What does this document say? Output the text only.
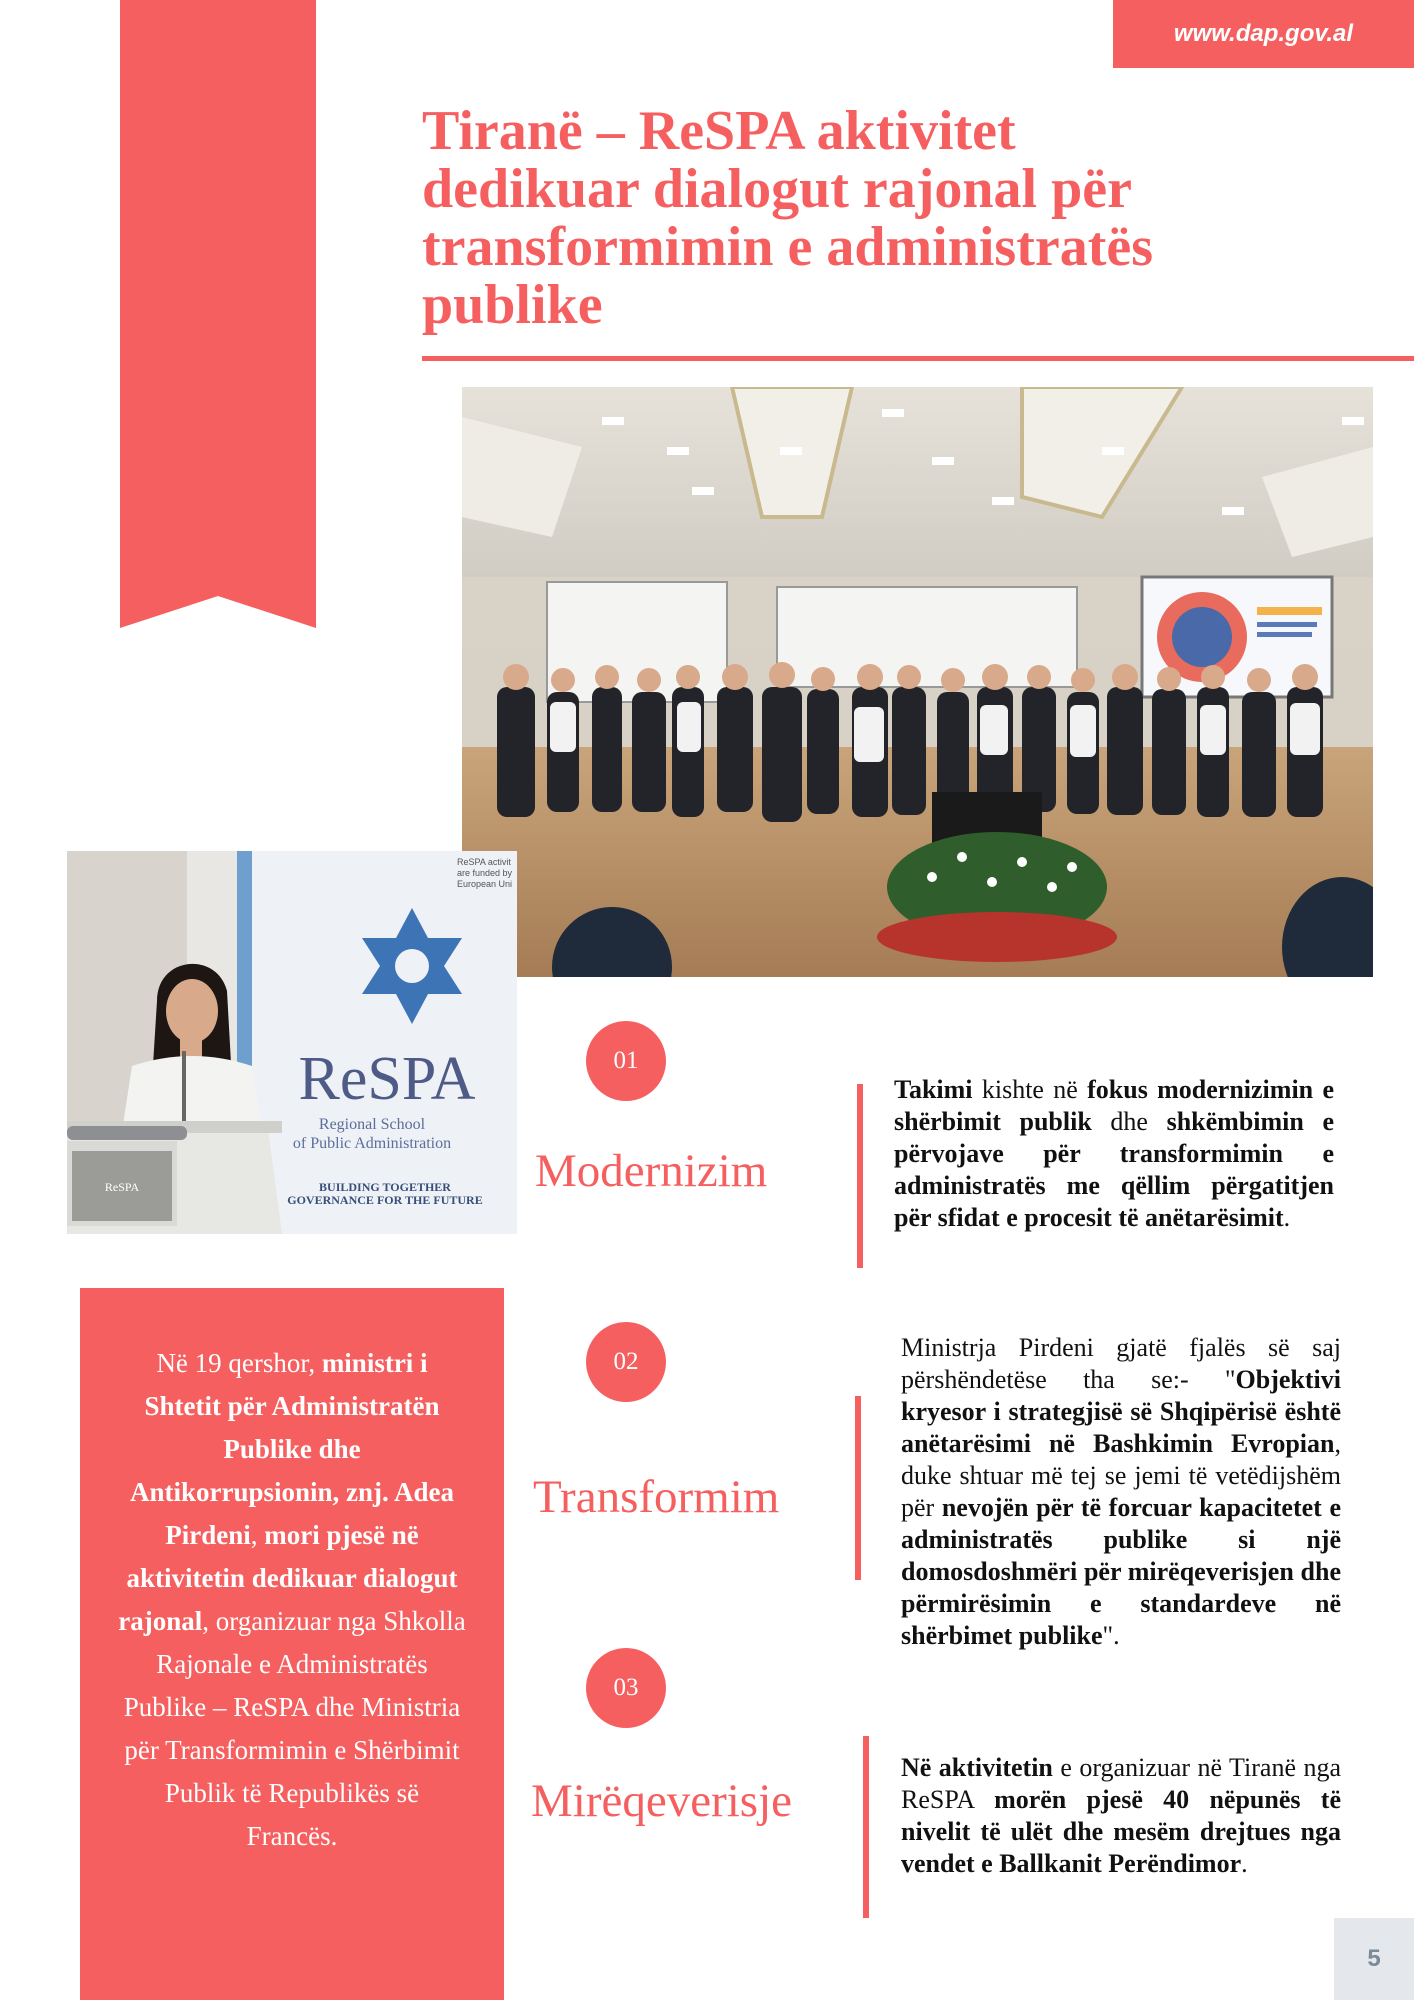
www.dap.gov.al
Tiranë – ReSPA aktivitet dedikuar dialogut rajonal për transformimin e administratës publike
ReSPA activit
are funded by
European Uni
ReSPA
Regional School
of Public Administration
BUILDING TOGETHER
GOVERNANCE FOR THE FUTURE
ReSPA
01
Modernizim

Takimi kishte në fokus modernizimin e shërbimit publik dhe shkëmbimin e përvojave për transformimin e administratës me qëllim përgatitjen për sfidat e procesit të anëtarësimit.

02
Transformim

Ministrja Pirdeni gjatë fjalës së saj përshëndetëse tha se:- "Objektivi kryesor i strategjisë së Shqipërisë është anëtarësimi në Bashkimin Evropian, duke shtuar më tej se jemi të vetëdijshëm për nevojën për të forcuar kapacitetet e administratës publike si një domosdoshmëri për mirëqeverisjen dhe përmirësimin e standardeve në shërbimet publike".

03
Mirëqeverisje

Në aktivitetin e organizuar në Tiranë nga ReSPA morën pjesë 40 nëpunës të nivelit të ulët dhe mesëm drejtues nga vendet e Ballkanit Perëndimor.

Në 19 qershor, ministri i Shtetit për Administratën Publike dhe Antikorrupsionin, znj. Adea Pirdeni, mori pjesë në aktivitetin dedikuar dialogut rajonal, organizuar nga Shkolla Rajonale e Administratës Publike – ReSPA dhe Ministria për Transformimin e Shërbimit Publik të Republikës së Francës.

5
